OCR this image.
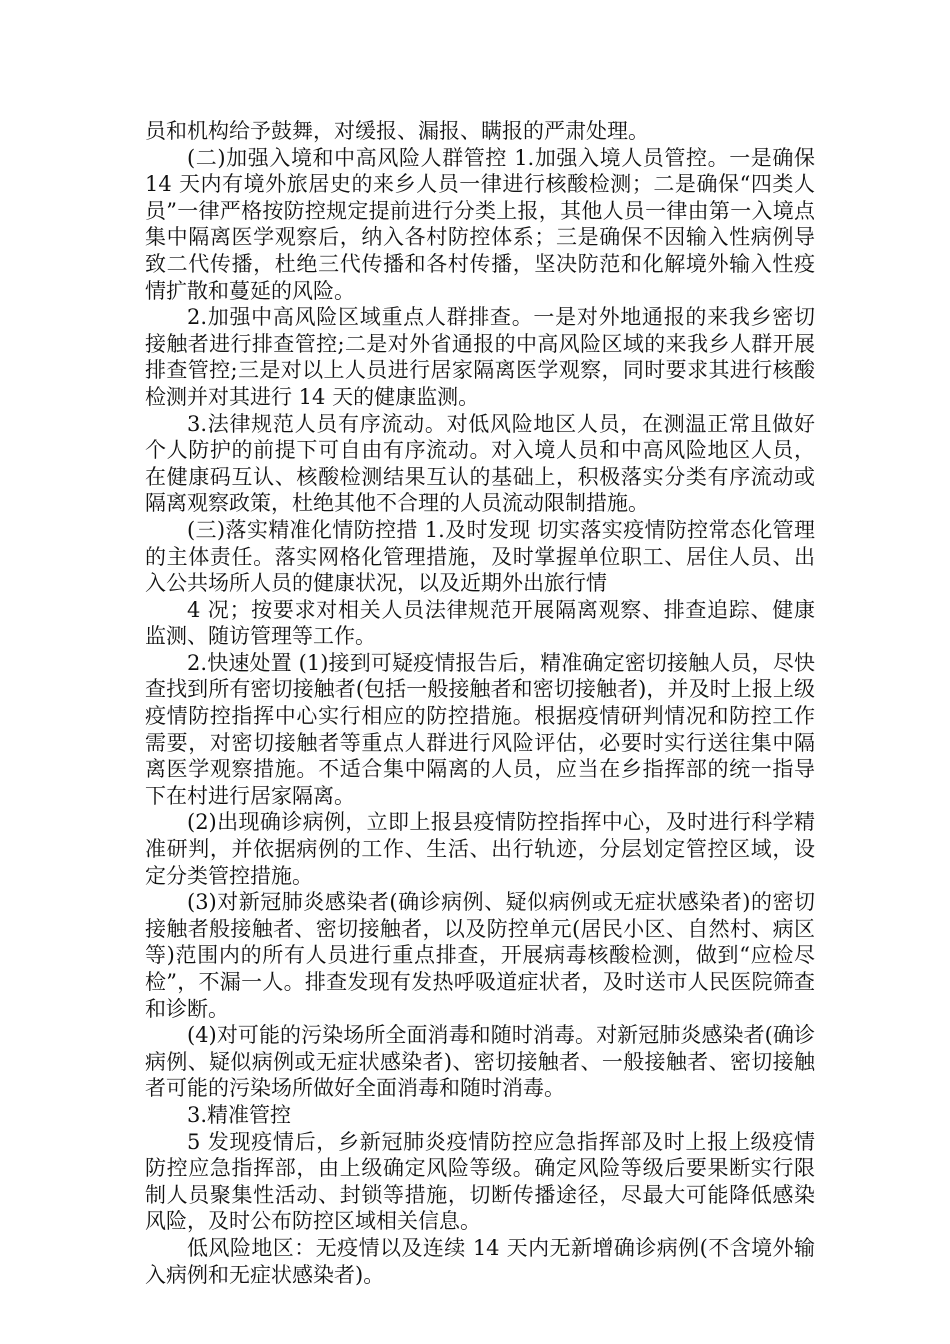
员和机构给予鼓舞，对缓报、漏报、瞒报的严肃处理。

(二)加强入境和中高风险人群管控 1.加强入境人员管控。一是确保 14 天内有境外旅居史的来乡人员一律进行核酸检测；二是确保“四类人员”一律严格按防控规定提前进行分类上报，其他人员一律由第一入境点集中隔离医学观察后，纳入各村防控体系；三是确保不因输入性病例导致二代传播，杜绝三代传播和各村传播，坚决防范和化解境外输入性疫情扩散和蔓延的风险。

2.加强中高风险区域重点人群排查。一是对外地通报的来我乡密切接触者进行排查管控;二是对外省通报的中高风险区域的来我乡人群开展排查管控;三是对以上人员进行居家隔离医学观察，同时要求其进行核酸检测并对其进行 14 天的健康监测。

3.法律规范人员有序流动。对低风险地区人员，在测温正常且做好个人防护的前提下可自由有序流动。对入境人员和中高风险地区人员，在健康码互认、核酸检测结果互认的基础上，积极落实分类有序流动或隔离观察政策，杜绝其他不合理的人员流动限制措施。

(三)落实精准化情防控措 1.及时发现 切实落实疫情防控常态化管理的主体责任。落实网格化管理措施，及时掌握单位职工、居住人员、出入公共场所人员的健康状况，以及近期外出旅行情

4 况；按要求对相关人员法律规范开展隔离观察、排查追踪、健康监测、随访管理等工作。

2.快速处置 (1)接到可疑疫情报告后，精准确定密切接触人员，尽快查找到所有密切接触者(包括一般接触者和密切接触者)，并及时上报上级疫情防控指挥中心实行相应的防控措施。根据疫情研判情况和防控工作需要，对密切接触者等重点人群进行风险评估，必要时实行送往集中隔离医学观察措施。不适合集中隔离的人员，应当在乡指挥部的统一指导下在村进行居家隔离。

(2)出现确诊病例，立即上报县疫情防控指挥中心，及时进行科学精准研判，并依据病例的工作、生活、出行轨迹，分层划定管控区域，设定分类管控措施。

(3)对新冠肺炎感染者(确诊病例、疑似病例或无症状感染者)的密切接触者般接触者、密切接触者，以及防控单元(居民小区、自然村、病区等)范围内的所有人员进行重点排查，开展病毒核酸检测，做到“应检尽检”，不漏一人。排查发现有发热呼吸道症状者，及时送市人民医院筛查和诊断。

(4)对可能的污染场所全面消毒和随时消毒。对新冠肺炎感染者(确诊病例、疑似病例或无症状感染者)、密切接触者、一般接触者、密切接触者可能的污染场所做好全面消毒和随时消毒。

3.精准管控

5 发现疫情后，乡新冠肺炎疫情防控应急指挥部及时上报上级疫情防控应急指挥部，由上级确定风险等级。确定风险等级后要果断实行限制人员聚集性活动、封锁等措施，切断传播途径，尽最大可能降低感染风险，及时公布防控区域相关信息。

低风险地区：无疫情以及连续 14 天内无新增确诊病例(不含境外输入病例和无症状感染者)。
